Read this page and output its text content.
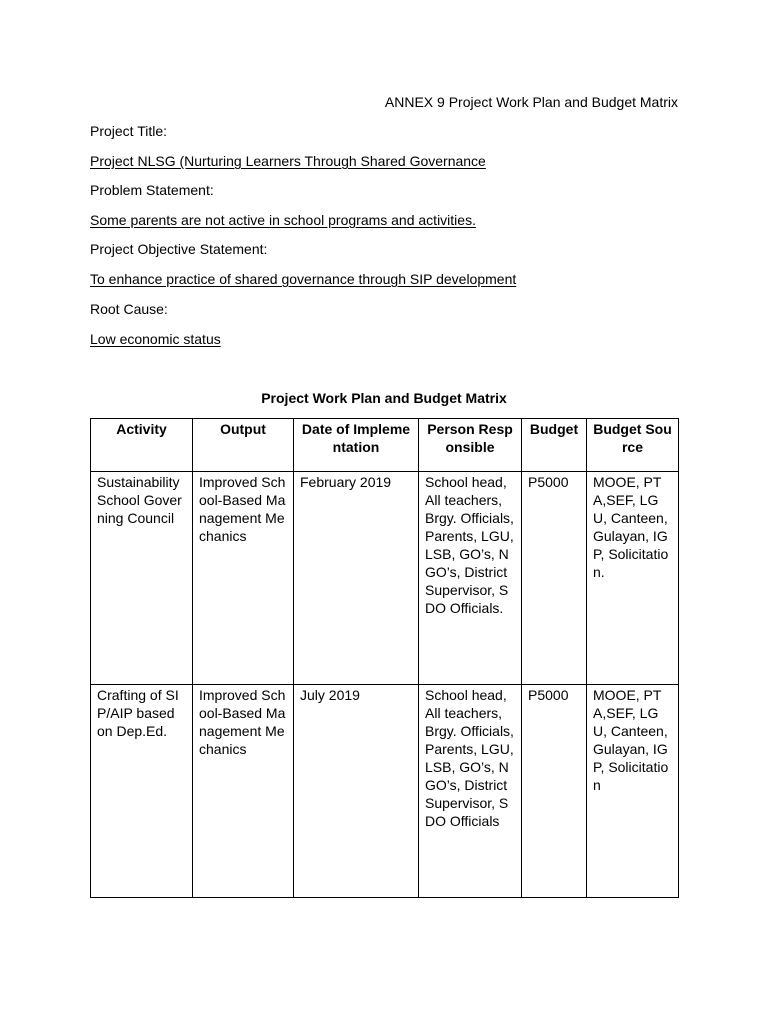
ANNEX 9 Project Work Plan and Budget Matrix
Project Title:
Project NLSG (Nurturing Learners Through Shared Governance
Problem Statement:
Some parents are not active in school programs and activities.
Project Objective Statement:
To enhance practice of shared governance through SIP development
Root Cause:
Low economic status
Project Work Plan and Budget Matrix
Activity	Output	Date of Implementation	Person Responsible	Budget	Budget Source
Sustainability School Governing Council	Improved School-Based Management Mechanics	February 2019	School head, All teachers, Brgy. Officials, Parents, LGU, LSB, GO’s, NGO’s, District Supervisor, SDO Officials.	P5000	MOOE, PTA,SEF, LGU, Canteen, Gulayan, IGP, Solicitation.
Crafting of SIP/AIP based on Dep.Ed.	Improved School-Based Management Mechanics	July 2019	School head, All teachers, Brgy. Officials, Parents, LGU, LSB, GO’s, NGO’s, District Supervisor, SDO Officials	P5000	MOOE, PTA,SEF, LGU, Canteen, Gulayan, IGP, Solicitation
